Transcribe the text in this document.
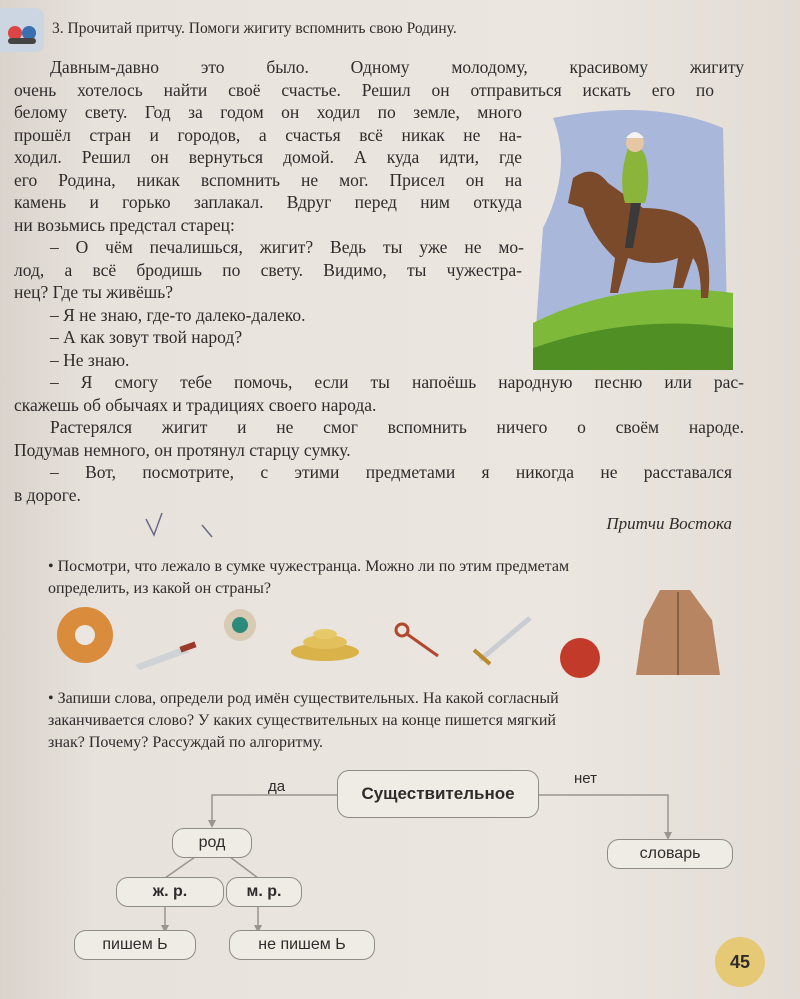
3. Прочитай притчу. Помоги жигиту вспомнить свою Родину.
Давным-давно это было. Одному молодому, красивому жигиту
очень хотелось найти своё счастье. Решил он отправиться искать его по
белому свету. Год за годом он ходил по земле, много
прошёл стран и городов, а счастья всё никак не на-
ходил. Решил он вернуться домой. А куда идти, где
его Родина, никак вспомнить не мог. Присел он на
камень и горько заплакал. Вдруг перед ним откуда
ни возьмись предстал старец:
– О чём печалишься, жигит? Ведь ты уже не мо-
лод, а всё бродишь по свету. Видимо, ты чужестра-
нец? Где ты живёшь?
– Я не знаю, где-то далеко-далеко.
– А как зовут твой народ?
– Не знаю.
– Я смогу тебе помочь, если ты напоёшь народную песню или рас-
скажешь об обычаях и традициях своего народа.
Растерялся жигит и не смог вспомнить ничего о своём народе.
Подумав немного, он протянул старцу сумку.
– Вот, посмотрите, с этими предметами я никогда не расставался
в дороге.
Притчи Востока
• Посмотри, что лежало в сумке чужестранца. Можно ли по этим предметам
определить, из какой он страны?
• Запиши слова, определи род имён существительных. На какой согласный
заканчивается слово? У каких существительных на конце пишется мягкий
знак? Почему? Рассуждай по алгоритму.
да	нет
Существительное
род
словарь
ж. р.	м. р.
пишем Ь	не пишем Ь
45
